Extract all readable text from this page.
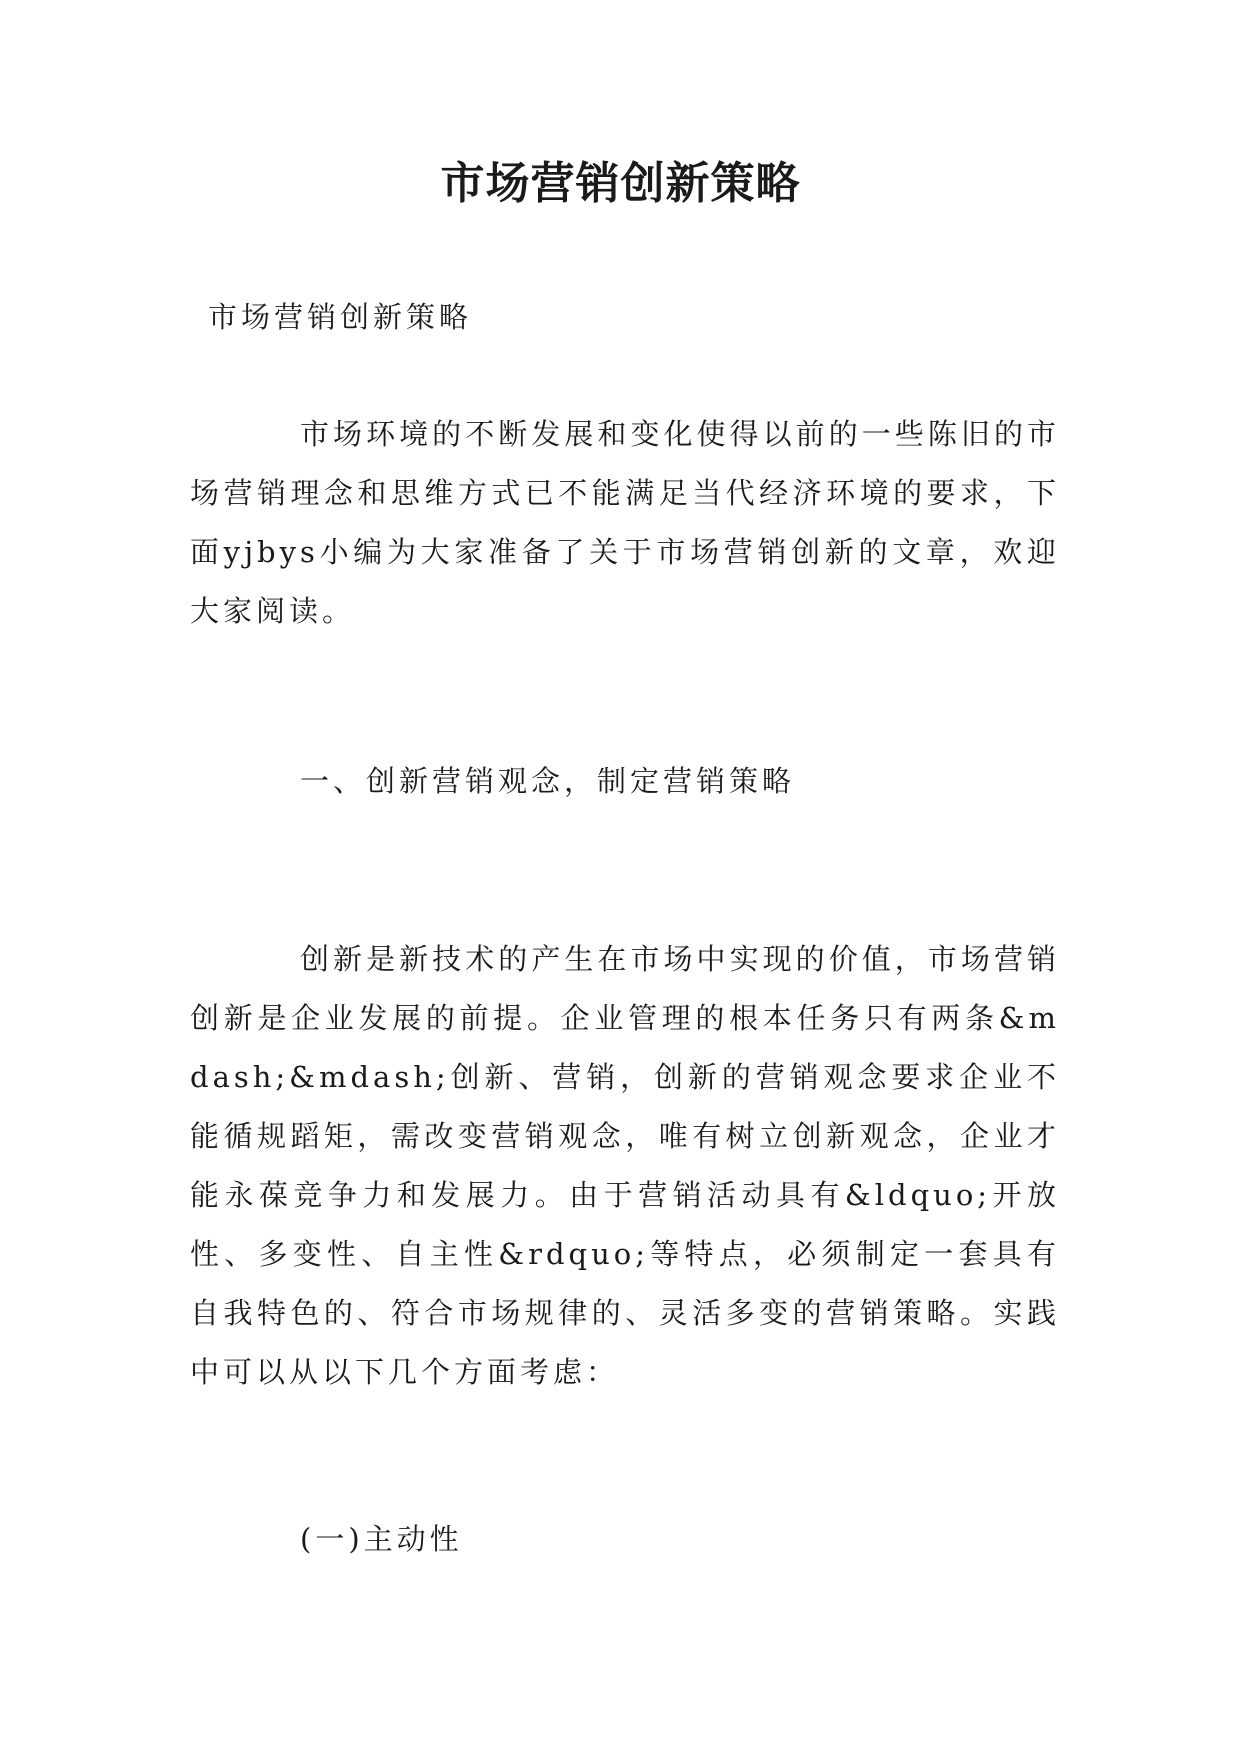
市场营销创新策略

市场营销创新策略

市场环境的不断发展和变化使得以前的一些陈旧的市场营销理念和思维方式已不能满足当代经济环境的要求，下面yjbys小编为大家准备了关于市场营销创新的文章，欢迎大家阅读。

一、创新营销观念，制定营销策略

创新是新技术的产生在市场中实现的价值，市场营销创新是企业发展的前提。企业管理的根本任务只有两条&mdash;&mdash;创新、营销，创新的营销观念要求企业不能循规蹈矩，需改变营销观念，唯有树立创新观念，企业才能永葆竞争力和发展力。由于营销活动具有&ldquo;开放性、多变性、自主性&rdquo;等特点，必须制定一套具有自我特色的、符合市场规律的、灵活多变的营销策略。实践中可以从以下几个方面考虑：

(一)主动性
